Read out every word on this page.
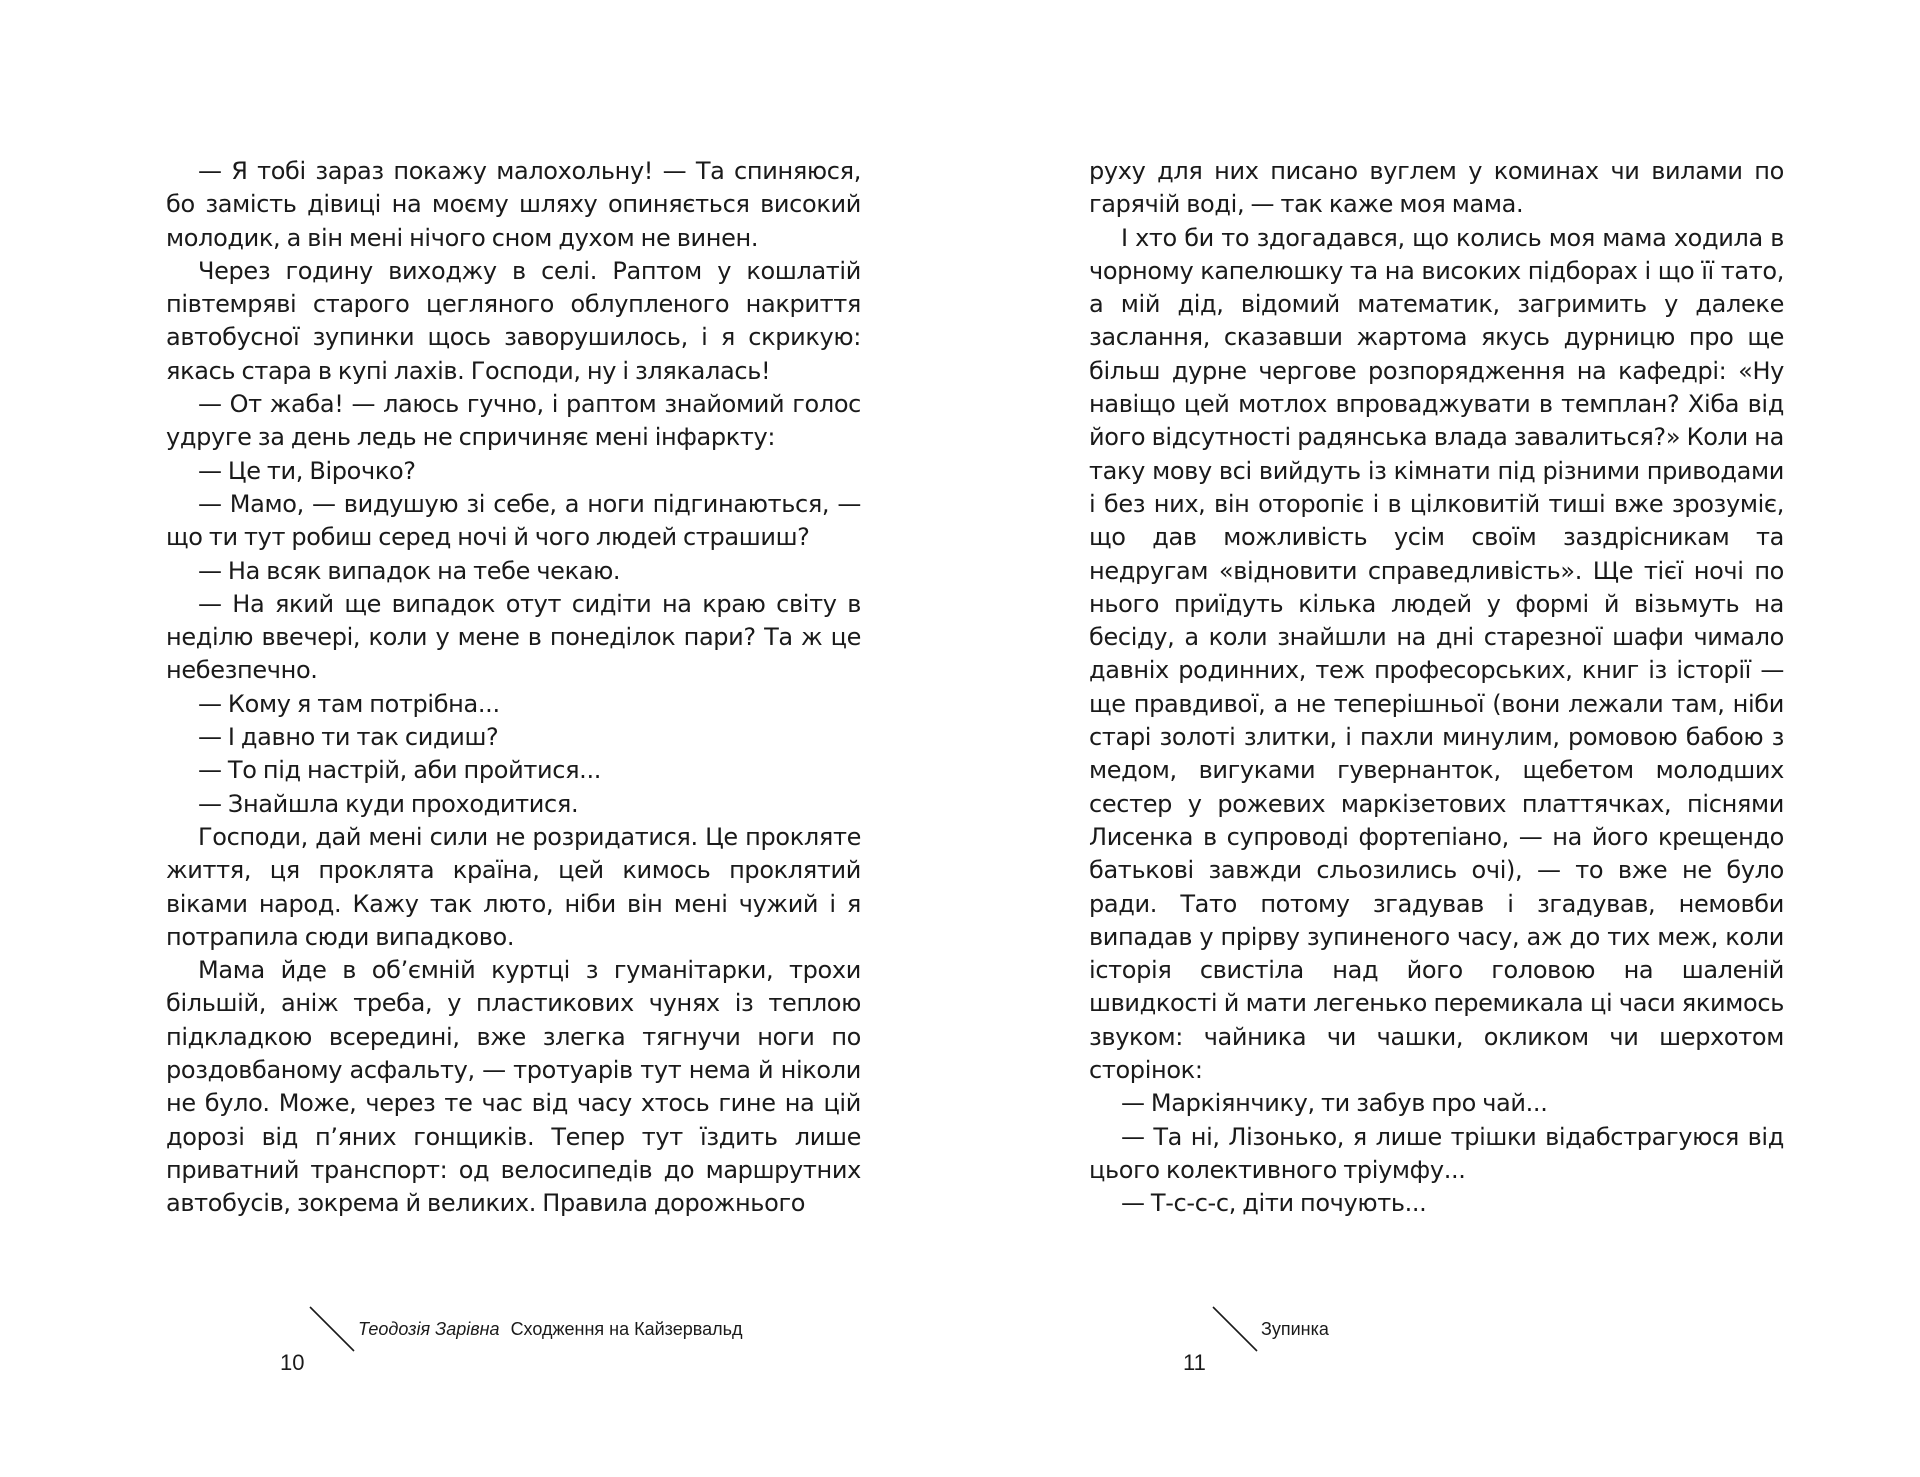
— Я тобі зараз покажу малохольну! — Та спиняюся, бо замість дівиці на моєму шляху опиняється високий молодик, а він мені нічого сном духом не винен.

Через годину виходжу в селі. Раптом у кошлатій півтемряві старого цегляного облупленого накриття автобусної зупинки щось заворушилось, і я скрикую: якась стара в купі лахів. Господи, ну і злякалась!

— От жаба! — лаюсь гучно, і раптом знайомий голос удруге за день ледь не спричиняє мені інфаркту:

— Це ти, Вірочко?

— Мамо, — видушую зі себе, а ноги підгинаються, — що ти тут робиш серед ночі й чого людей страшиш?

— На всяк випадок на тебе чекаю.

— На який ще випадок отут сидіти на краю світу в неділю ввечері, коли у мене в понеділок пари? Та ж це небезпечно.

— Кому я там потрібна...

— І давно ти так сидиш?

— То під настрій, аби пройтися...

— Знайшла куди проходитися.

Господи, дай мені сили не розридатися. Це прокляте життя, ця проклята країна, цей кимось проклятий віками народ. Кажу так люто, ніби він мені чужий і я потрапила сюди випадково.

Мама йде в об’ємній куртці з гуманітарки, трохи більшій, аніж треба, у пластикових чунях із теплою підкладкою всередині, вже злегка тягнучи ноги по роздовбаному асфальту, — тротуарів тут нема й ніколи не було. Може, через те час від часу хтось гине на цій дорозі від п’яних гонщиків. Тепер тут їздить лише приватний транспорт: од велосипедів до маршрутних автобусів, зокрема й великих. Правила дорожнього

10
Теодозія Зарівна Сходження на Кайзервальд

руху для них писано вуглем у коминах чи вилами по гарячій воді, — так каже моя мама.

І хто би то здогадався, що колись моя мама ходила в чорному капелюшку та на високих підборах і що її тато, а мій дід, відомий математик, загримить у далеке заслання, сказавши жартома якусь дурницю про ще більш дурне чергове розпорядження на кафедрі: «Ну навіщо цей мотлох впроваджувати в темплан? Хіба від його відсутності радянська влада завалиться?» Коли на таку мову всі вийдуть із кімнати під різними приводами і без них, він оторопіє і в цілковитій тиші вже зрозуміє, що дав можливість усім своїм заздрісникам та недругам «відновити справедливість». Ще тієї ночі по нього приїдуть кілька людей у формі й візьмуть на бесіду, а коли знайшли на дні старезної шафи чимало давніх родинних, теж професорських, книг із історії — ще правдивої, а не теперішньої (вони лежали там, ніби старі золоті злитки, і пахли минулим, ромовою бабою з медом, вигуками гувернанток, щебетом молодших сестер у рожевих маркізетових платтячках, піснями Лисенка в супроводі фортепіано, — на його крещендо батькові завжди сльозились очі), — то вже не було ради. Тато потому згадував і згадував, немовби випадав у прірву зупиненого часу, аж до тих меж, коли історія свистіла над його головою на шаленій швидкості й мати легенько перемикала ці часи якимось звуком: чайника чи чашки, окликом чи шерхотом сторінок:

— Маркіянчику, ти забув про чай...

— Та ні, Лізонько, я лише трішки відабстрагуюся від цього колективного тріумфу...

— Т-с-с-с, діти почують...

11
Зупинка
